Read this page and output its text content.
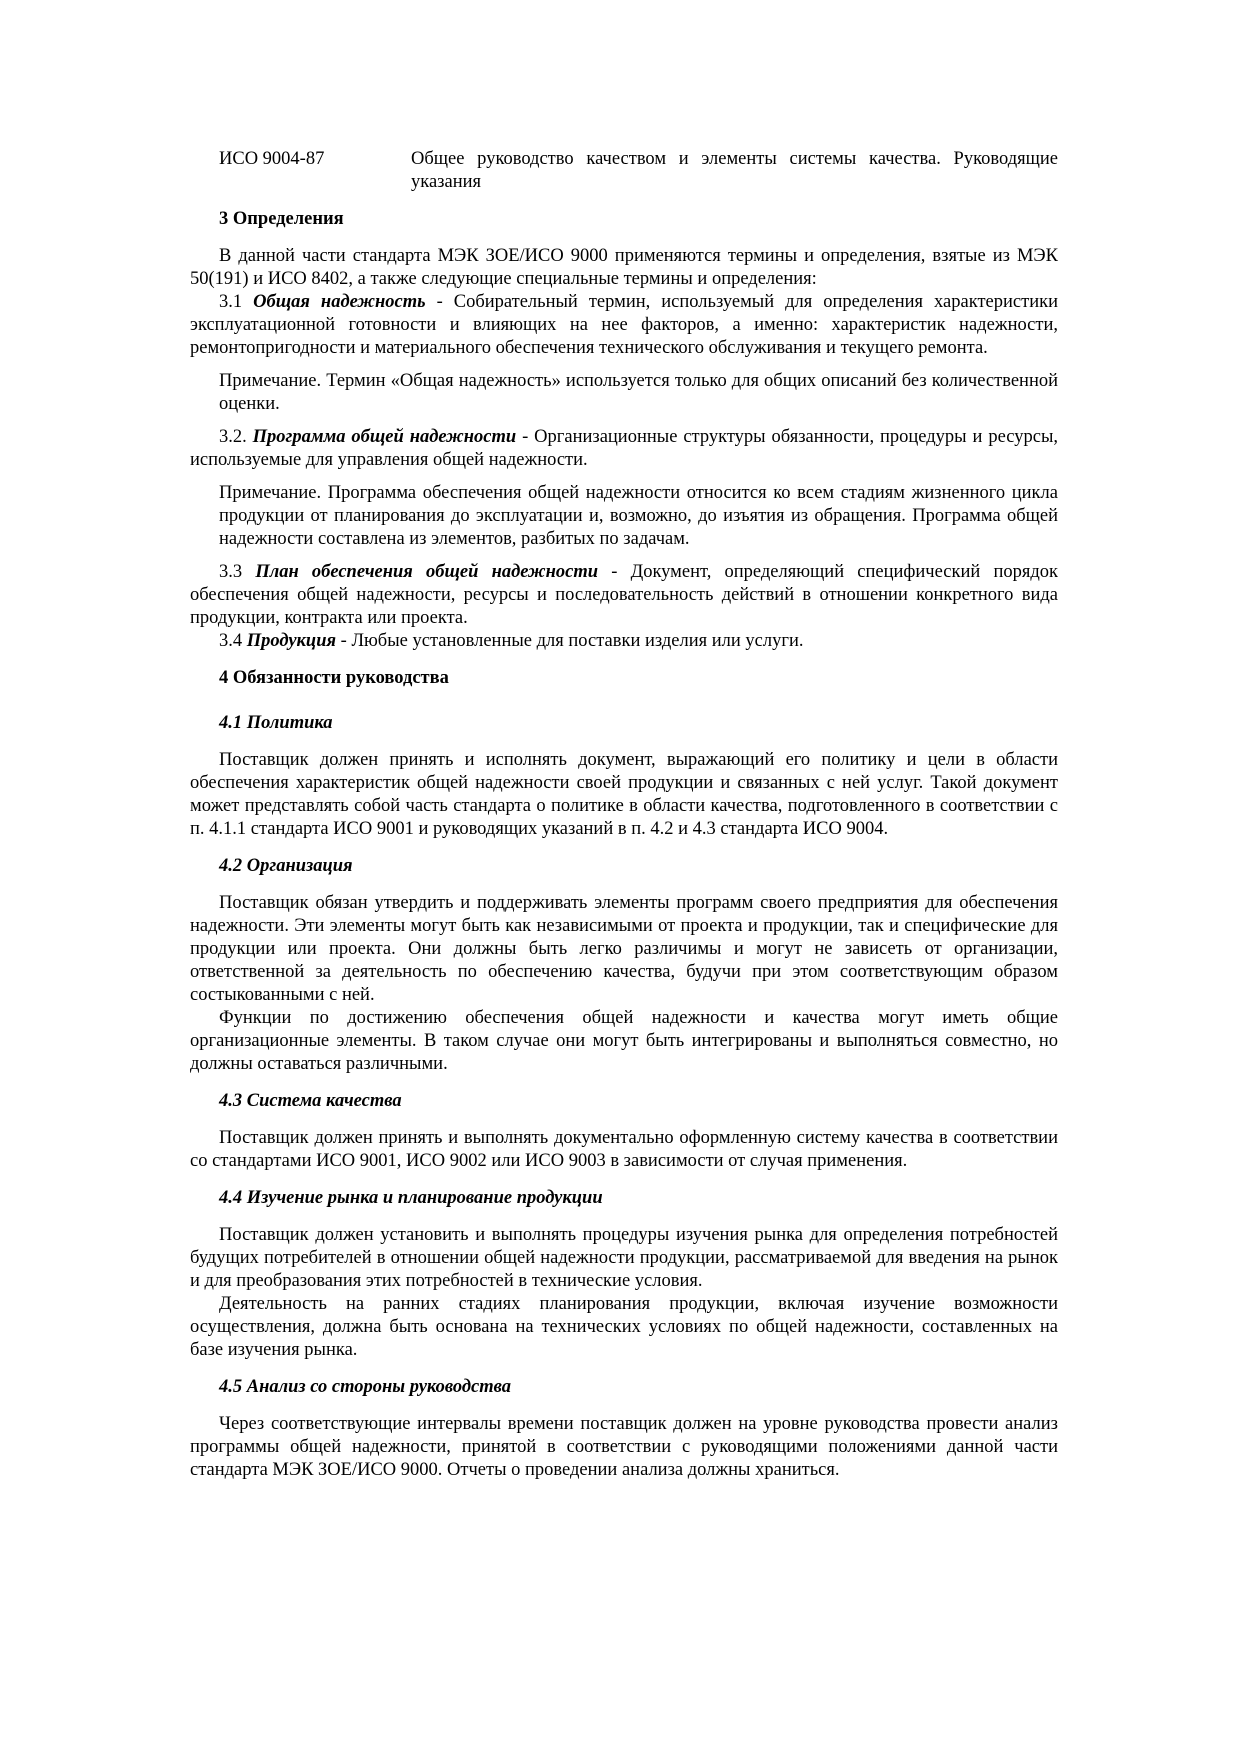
ИСО 9004-87	Общее руководство качеством и элементы системы качества. Руководящие указания

3 Определения

В данной части стандарта МЭК ЗОЕ/ИСО 9000 применяются термины и определения, взятые из МЭК 50(191) и ИСО 8402, а также следующие специальные термины и определения:

3.1 Общая надежность - Собирательный термин, используемый для определения характеристики эксплуатационной готовности и влияющих на нее факторов, а именно: характеристик надежности, ремонтопригодности и материального обеспечения технического обслуживания и текущего ремонта.

Примечание. Термин «Общая надежность» используется только для общих описаний без количественной оценки.

3.2. Программа общей надежности - Организационные структуры обязанности, процедуры и ресурсы, используемые для управления общей надежности.

Примечание. Программа обеспечения общей надежности относится ко всем стадиям жизненного цикла продукции от планирования до эксплуатации и, возможно, до изъятия из обращения. Программа общей надежности составлена из элементов, разбитых по задачам.

3.3 План обеспечения общей надежности - Документ, определяющий специфический порядок обеспечения общей надежности, ресурсы и последовательность действий в отношении конкретного вида продукции, контракта или проекта.

3.4 Продукция - Любые установленные для поставки изделия или услуги.

4 Обязанности руководства

4.1 Политика

Поставщик должен принять и исполнять документ, выражающий его политику и цели в области обеспечения характеристик общей надежности своей продукции и связанных с ней услуг. Такой документ может представлять собой часть стандарта о политике в области качества, подготовленного в соответствии с п. 4.1.1 стандарта ИСО 9001 и руководящих указаний в п. 4.2 и 4.3 стандарта ИСО 9004.

4.2 Организация

Поставщик обязан утвердить и поддерживать элементы программ своего предприятия для обеспечения надежности. Эти элементы могут быть как независимыми от проекта и продукции, так и специфические для продукции или проекта. Они должны быть легко различимы и могут не зависеть от организации, ответственной за деятельность по обеспечению качества, будучи при этом соответствующим образом состыкованными с ней.

Функции по достижению обеспечения общей надежности и качества могут иметь общие организационные элементы. В таком случае они могут быть интегрированы и выполняться совместно, но должны оставаться различными.

4.3 Система качества

Поставщик должен принять и выполнять документально оформленную систему качества в соответствии со стандартами ИСО 9001, ИСО 9002 или ИСО 9003 в зависимости от случая применения.

4.4 Изучение рынка и планирование продукции

Поставщик должен установить и выполнять процедуры изучения рынка для определения потребностей будущих потребителей в отношении общей надежности продукции, рассматриваемой для введения на рынок и для преобразования этих потребностей в технические условия.

Деятельность на ранних стадиях планирования продукции, включая изучение возможности осуществления, должна быть основана на технических условиях по общей надежности, составленных на базе изучения рынка.

4.5 Анализ со стороны руководства

Через соответствующие интервалы времени поставщик должен на уровне руководства провести анализ программы общей надежности, принятой в соответствии с руководящими положениями данной части стандарта МЭК ЗОЕ/ИСО 9000. Отчеты о проведении анализа должны храниться.
